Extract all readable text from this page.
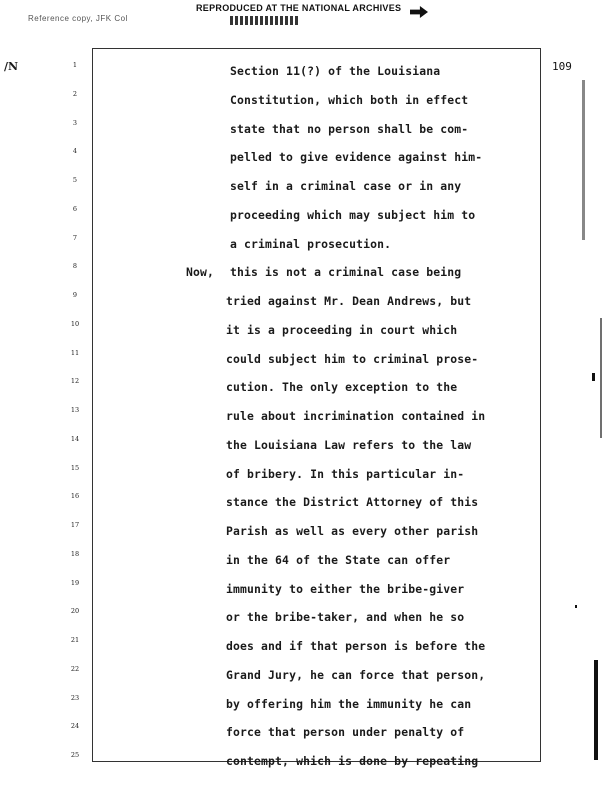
REPRODUCED AT THE NATIONAL ARCHIVES
Reference copy, JFK Col
/N	109
1	Section 11(?) of the Louisiana
2	Constitution, which both in effect
3	state that no person shall be com-
4	pelled to give evidence against him-
5	self in a criminal case or in any
6	proceeding which may subject him to
7	a criminal prosecution.
8	Now, this is not a criminal case being
9	tried against Mr. Dean Andrews, but
10	it is a proceeding in court which
11	could subject him to criminal prose-
12	cution. The only exception to the
13	rule about incrimination contained in
14	the Louisiana Law refers to the law
15	of bribery. In this particular in-
16	stance the District Attorney of this
17	Parish as well as every other parish
18	in the 64 of the State can offer
19	immunity to either the bribe-giver
20	or the bribe-taker, and when he so
21	does and if that person is before the
22	Grand Jury, he can force that person,
23	by offering him the immunity he can
24	force that person under penalty of
25	contempt, which is done by repeating
